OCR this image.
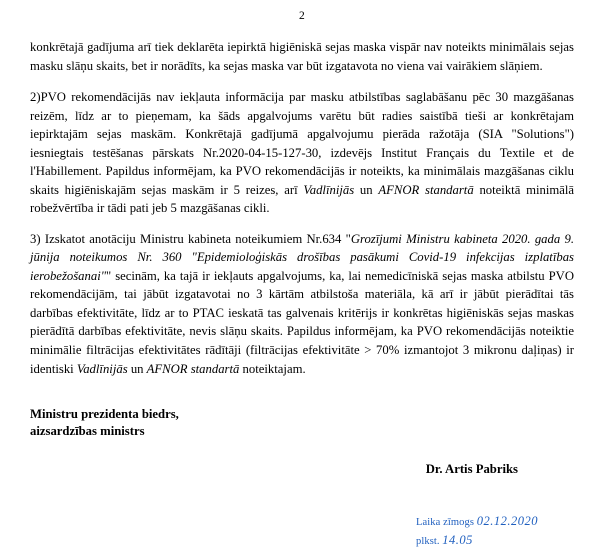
2

konkrētajā gadījuma arī tiek deklarēta iepirktā higiēniskā sejas maska vispār nav noteikts minimālais sejas masku slāņu skaits, bet ir norādīts, ka sejas maska var būt izgatavota no viena vai vairākiem slāņiem.

2)PVO rekomendācijās nav iekļauta informācija par masku atbilstības saglabāšanu pēc 30 mazgāšanas reizēm, līdz ar to pieņemam, ka šāds apgalvojums varētu būt radies saistībā tieši ar konkrētajam iepirktajām sejas maskām. Konkrētajā gadījumā apgalvojumu pierāda ražotāja (SIA "Solutions") iesniegtais testēšanas pārskats Nr.2020-04-15-127-30, izdevējs Institut Français du Textile et de l'Habillement. Papildus informējam, ka PVO rekomendācijās ir noteikts, ka minimālais mazgāšanas ciklu skaits higiēniskajām sejas maskām ir 5 reizes, arī Vadlīnijās un AFNOR standartā noteiktā minimālā robežvērtība ir tādi pati jeb 5 mazgāšanas cikli.

3) Izskatot anotāciju Ministru kabineta noteikumiem Nr.634 "Grozījumi Ministru kabineta 2020. gada 9. jūnija noteikumos Nr. 360 "Epidemioloģiskās drošības pasākumi Covid-19 infekcijas izplatības ierobežošanai"" secinām, ka tajā ir iekļauts apgalvojums, ka, lai nemedicīniskā sejas maska atbilstu PVO rekomendācijām, tai jābūt izgatavotai no 3 kārtām atbilstoša materiāla, kā arī ir jābūt pierādītai tās darbības efektivitāte, līdz ar to PTAC ieskatā tas galvenais kritērijs ir konkrētas higiēniskās sejas maskas pierādītā darbības efektivitāte, nevis slāņu skaits. Papildus informējam, ka PVO rekomendācijās noteiktie minimālie filtrācijas efektivitātes rādītāji (filtrācijas efektivitāte > 70% izmantojot 3 mikronu daļiņas) ir identiski Vadlīnijās un AFNOR standartā noteiktajam.

Ministru prezidenta biedrs,
aizsardzības ministrs
Dr. Artis Pabriks
Laika zīmogs 02.12.2020
plkst. 14.05
